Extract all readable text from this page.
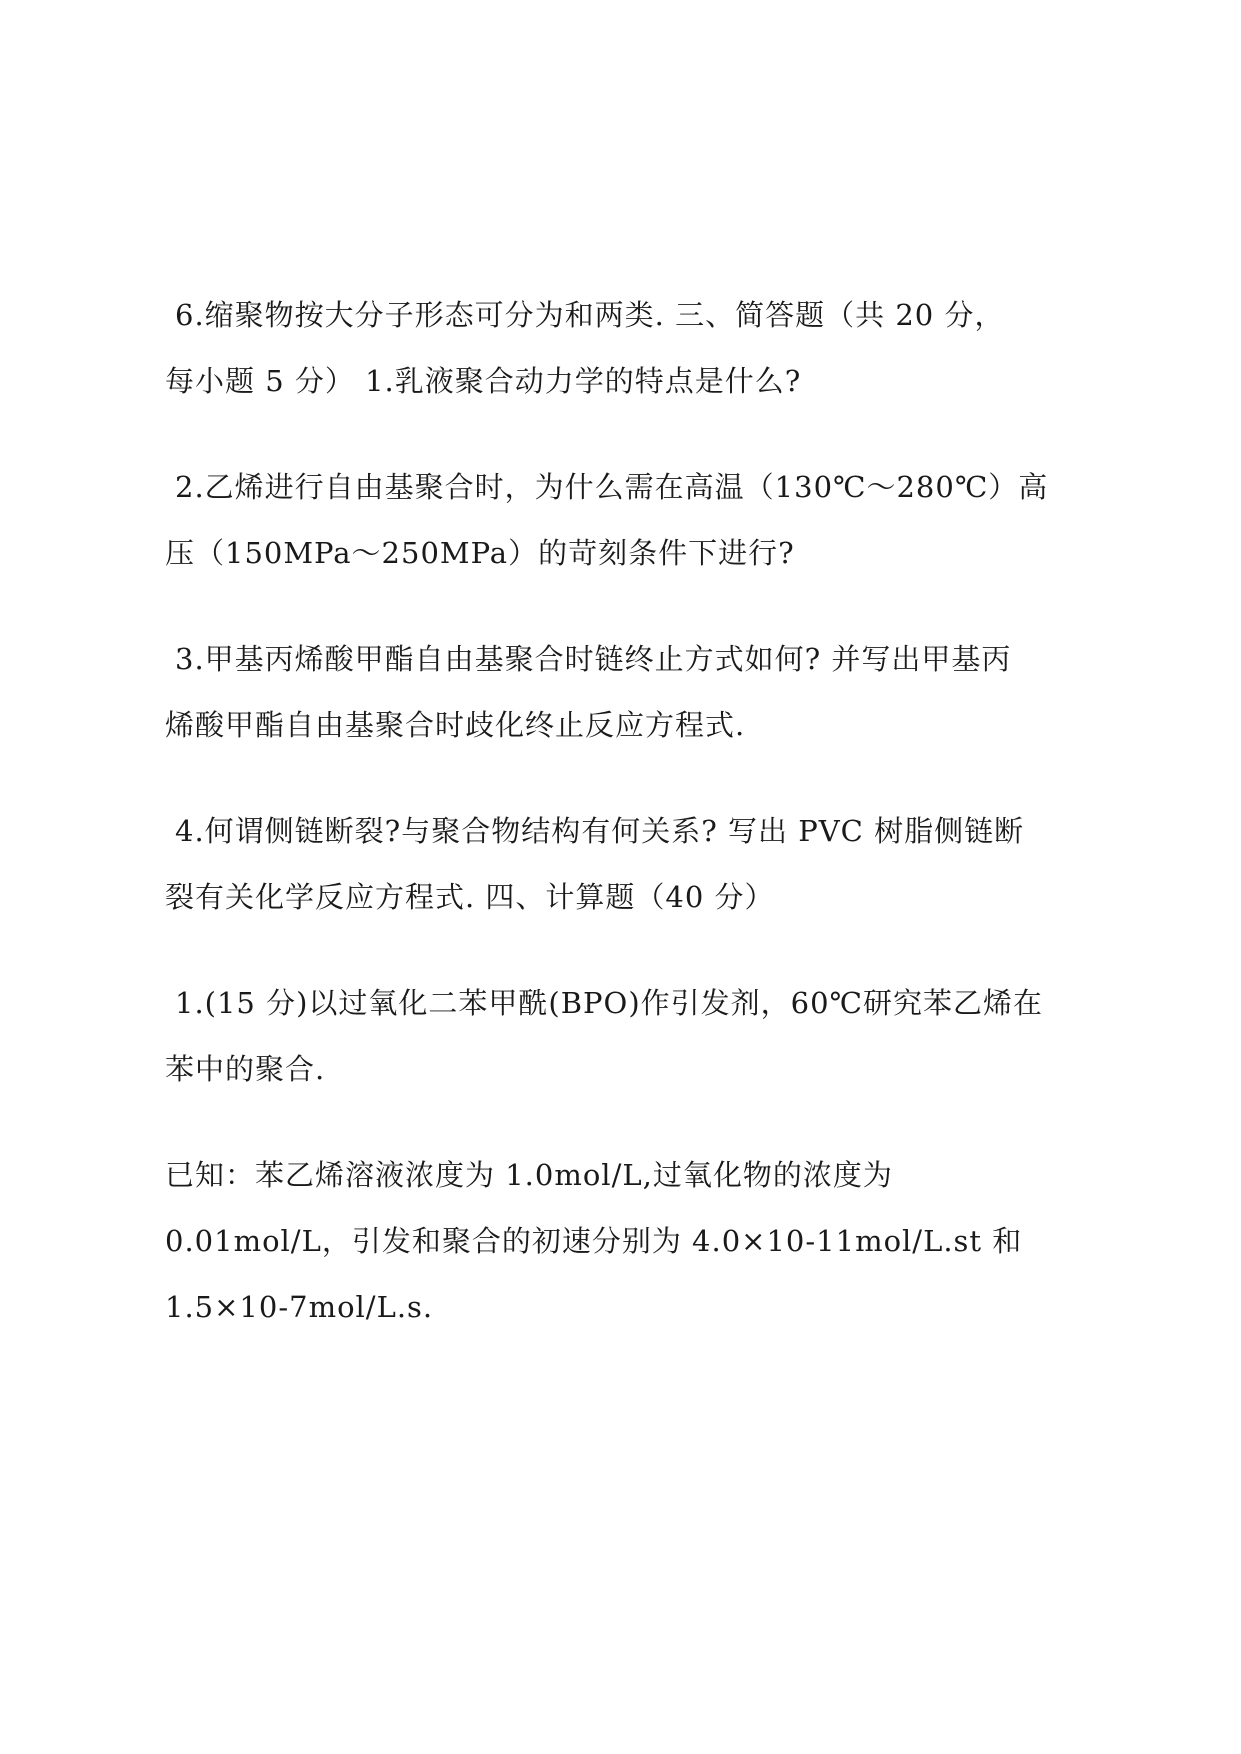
6.缩聚物按大分子形态可分为和两类. 三、简答题（共 20 分，
每小题 5 分） 1.乳液聚合动力学的特点是什么?
2.乙烯进行自由基聚合时，为什么需在高温（130℃～280℃）高
压（150MPa～250MPa）的苛刻条件下进行?
3.甲基丙烯酸甲酯自由基聚合时链终止方式如何? 并写出甲基丙
烯酸甲酯自由基聚合时歧化终止反应方程式.
4.何谓侧链断裂?与聚合物结构有何关系? 写出 PVC 树脂侧链断
裂有关化学反应方程式. 四、计算题（40 分）
1.(15 分)以过氧化二苯甲酰(BPO)作引发剂，60℃研究苯乙烯在
苯中的聚合.
已知：苯乙烯溶液浓度为 1.0mol/L,过氧化物的浓度为
0.01mol/L，引发和聚合的初速分别为 4.0×10-11mol/L.st 和
1.5×10-7mol/L.s.
